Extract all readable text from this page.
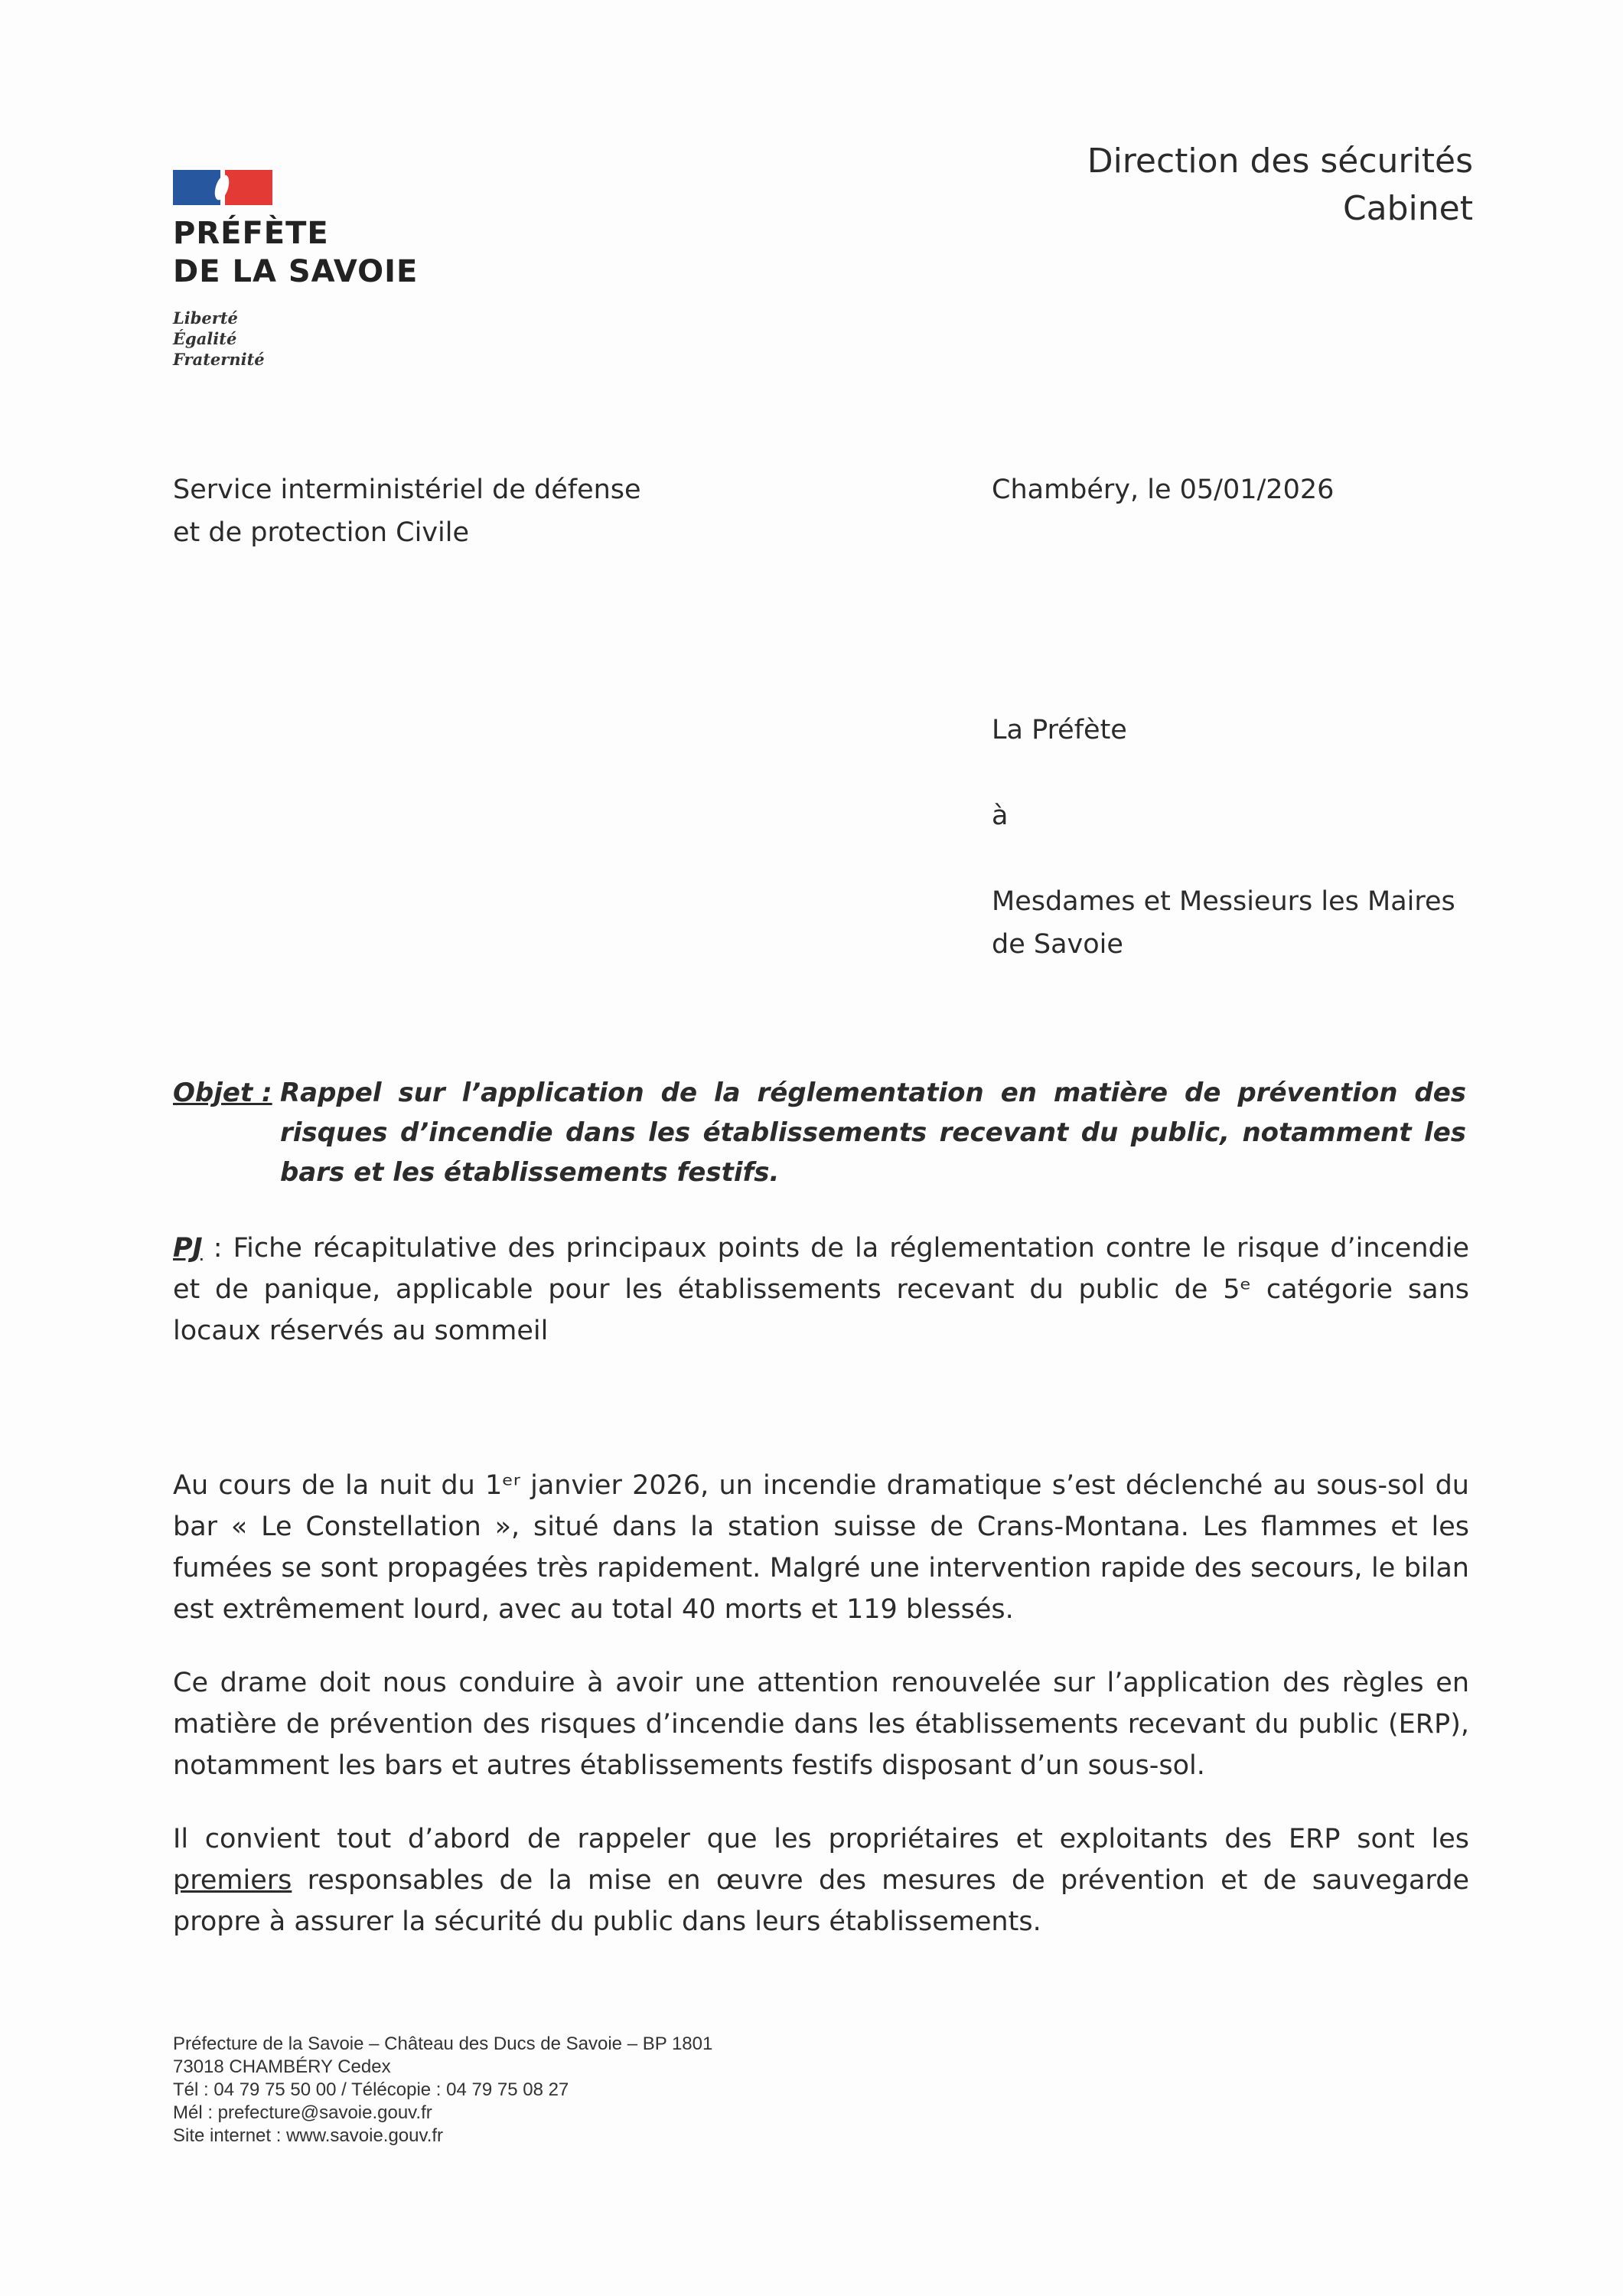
PRÉFÈTE
DE LA SAVOIE
Liberté
Égalité
Fraternité
Direction des sécurités
Cabinet
Service interministériel de défense
et de protection Civile
Chambéry, le 05/01/2026
La Préfète
à
Mesdames et Messieurs les Maires
de Savoie
Objet : Rappel sur l’application de la réglementation en matière de prévention des risques d’incendie dans les établissements recevant du public, notamment les bars et les établissements festifs.
PJ : Fiche récapitulative des principaux points de la réglementation contre le risque d’incendie et de panique, applicable pour les établissements recevant du public de 5ᵉ catégorie sans locaux réservés au sommeil

Au cours de la nuit du 1ᵉʳ janvier 2026, un incendie dramatique s’est déclenché au sous-sol du bar « Le Constellation », situé dans la station suisse de Crans-Montana. Les flammes et les fumées se sont propagées très rapidement. Malgré une intervention rapide des secours, le bilan est extrêmement lourd, avec au total 40 morts et 119 blessés.

Ce drame doit nous conduire à avoir une attention renouvelée sur l’application des règles en matière de prévention des risques d’incendie dans les établissements recevant du public (ERP), notamment les bars et autres établissements festifs disposant d’un sous-sol.

Il convient tout d’abord de rappeler que les propriétaires et exploitants des ERP sont les premiers responsables de la mise en œuvre des mesures de prévention et de sauvegarde propre à assurer la sécurité du public dans leurs établissements.

Préfecture de la Savoie – Château des Ducs de Savoie – BP 1801
73018 CHAMBÉRY Cedex
Tél : 04 79 75 50 00 / Télécopie : 04 79 75 08 27
Mél : prefecture@savoie.gouv.fr
Site internet : www.savoie.gouv.fr
